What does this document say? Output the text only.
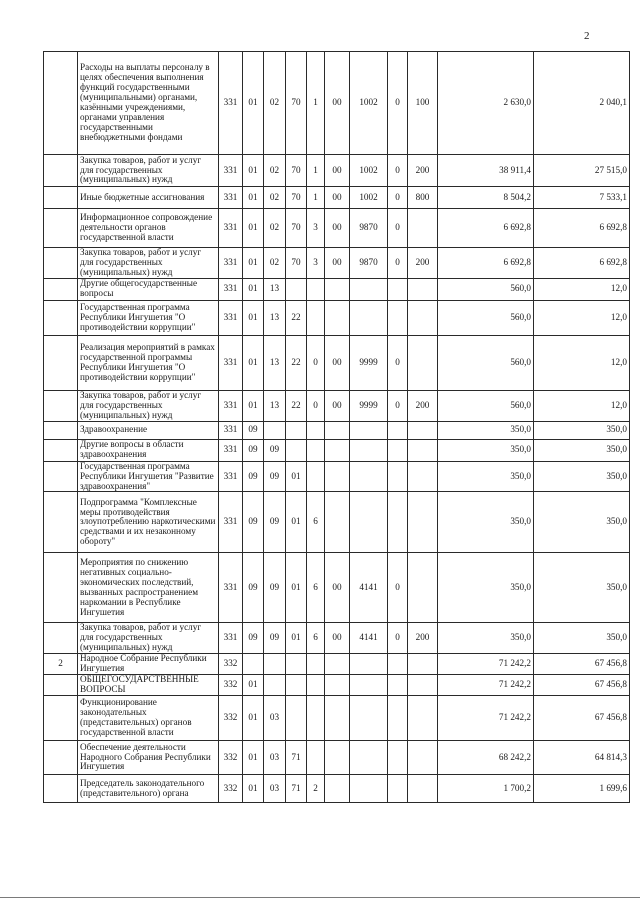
2
	Расходы на выплаты персоналу в целях обеспечения выполнения функций государственными (муниципальными) органами, казёнными учреждениями, органами управления государственными внебюджетными фондами	331	01	02	70	1	00	1002	0	100	2 630,0	2 040,1
	Закупка товаров, работ и услуг для государственных (муниципальных) нужд	331	01	02	70	1	00	1002	0	200	38 911,4	27 515,0
	Иные бюджетные ассигнования	331	01	02	70	1	00	1002	0	800	8 504,2	7 533,1
	Информационное сопровождение деятельности органов государственной власти	331	01	02	70	3	00	9870	0		6 692,8	6 692,8
	Закупка товаров, работ и услуг для государственных (муниципальных) нужд	331	01	02	70	3	00	9870	0	200	6 692,8	6 692,8
	Другие общегосударственные вопросы	331	01	13							560,0	12,0
	Государственная программа Республики Ингушетия "О противодействии коррупции"	331	01	13	22						560,0	12,0
	Реализация мероприятий в рамках государственной программы Республики Ингушетия "О противодействии коррупции"	331	01	13	22	0	00	9999	0		560,0	12,0
	Закупка товаров, работ и услуг для государственных (муниципальных) нужд	331	01	13	22	0	00	9999	0	200	560,0	12,0
	Здравоохранение	331	09								350,0	350,0
	Другие вопросы в области здравоохранения	331	09	09							350,0	350,0
	Государственная программа Республики Ингушетия "Развитие здравоохранения"	331	09	09	01						350,0	350,0
	Подпрограмма "Комплексные меры противодействия злоупотреблению наркотическими средствами и их незаконному обороту"	331	09	09	01	6					350,0	350,0
	Мероприятия по снижению негативных социально-экономических последствий, вызванных распространением наркомании в Республике Ингушетия	331	09	09	01	6	00	4141	0		350,0	350,0
	Закупка товаров, работ и услуг для государственных (муниципальных) нужд	331	09	09	01	6	00	4141	0	200	350,0	350,0
2	Народное Собрание Республики Ингушетия	332									71 242,2	67 456,8
	ОБЩЕГОСУДАРСТВЕННЫЕ ВОПРОСЫ	332	01								71 242,2	67 456,8
	Функционирование законодательных (представительных) органов государственной власти	332	01	03							71 242,2	67 456,8
	Обеспечение деятельности Народного Собрания Республики Ингушетия	332	01	03	71						68 242,2	64 814,3
	Председатель законодательного (представительного) органа	332	01	03	71	2					1 700,2	1 699,6
